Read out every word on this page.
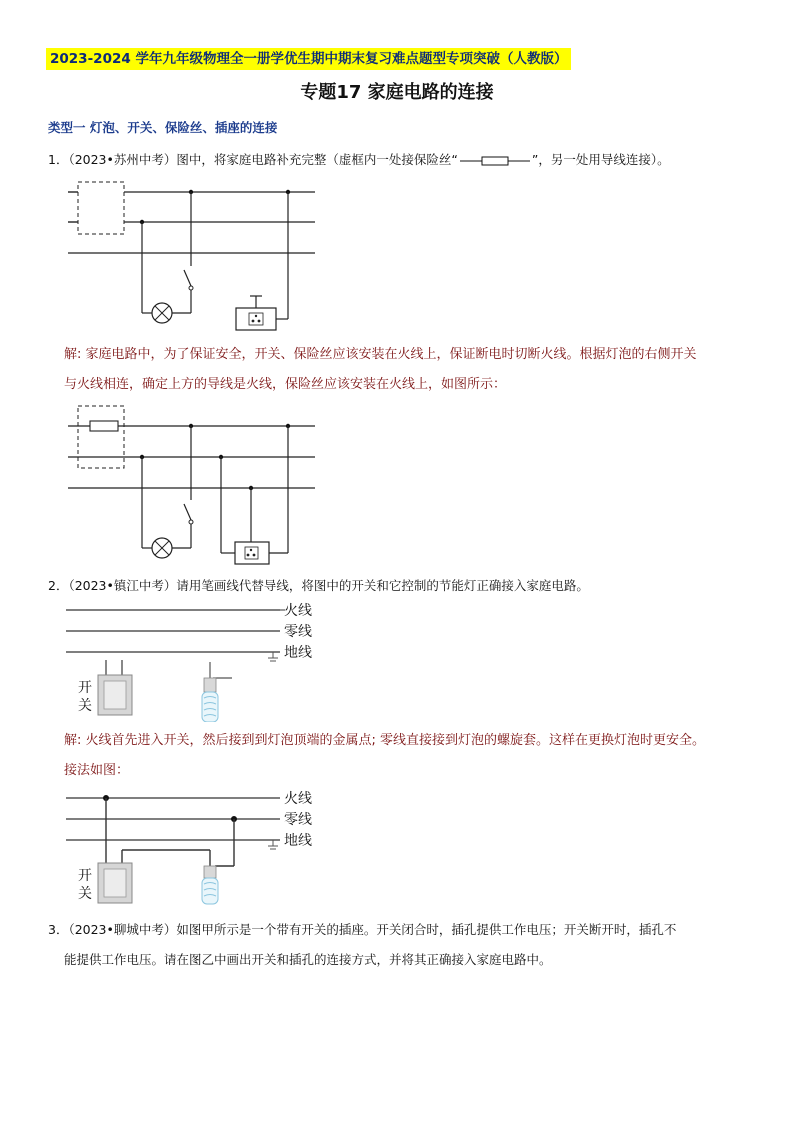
2023-2024 学年九年级物理全一册学优生期中期末复习难点题型专项突破（人教版）
专题17 家庭电路的连接
类型一 灯泡、开关、保险丝、插座的连接
1．（2023•苏州中考）图中，将家庭电路补充完整（虚框内一处接保险丝“	”，另一处用导线连接）。
解: 家庭电路中，为了保证安全，开关、保险丝应该安装在火线上，保证断电时切断火线。根据灯泡的右侧开关
与火线相连，确定上方的导线是火线，保险丝应该安装在火线上，如图所示：
2．（2023•镇江中考）请用笔画线代替导线，将图中的开关和它控制的节能灯正确接入家庭电路。
火线
零线
地线
开
关
解: 火线首先进入开关，然后接到到灯泡顶端的金属点; 零线直接接到灯泡的螺旋套。这样在更换灯泡时更安全。
接法如图：
火线
零线
地线
开
关
3．（2023•聊城中考）如图甲所示是一个带有开关的插座。开关闭合时，插孔提供工作电压；开关断开时，插孔不
能提供工作电压。请在图乙中画出开关和插孔的连接方式，并将其正确接入家庭电路中。
